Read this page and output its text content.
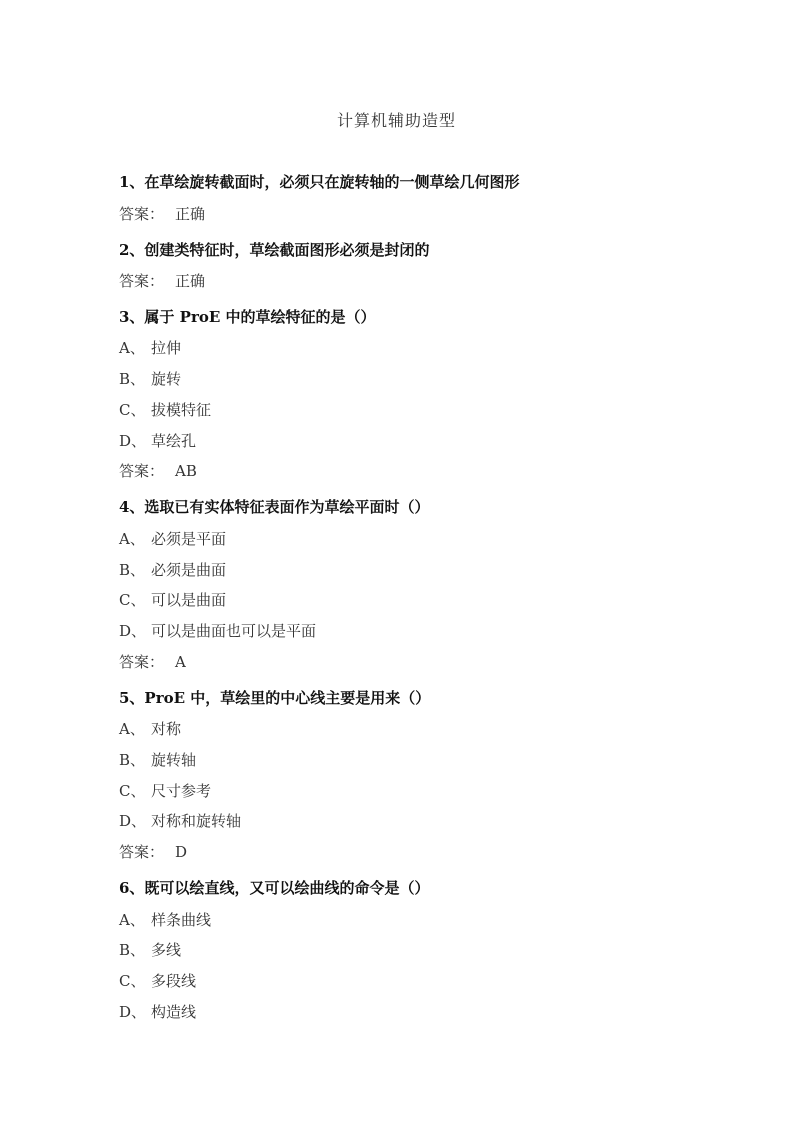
计算机辅助造型
1、在草绘旋转截面时，必须只在旋转轴的一侧草绘几何图形
答案： 正确
2、创建类特征时，草绘截面图形必须是封闭的
答案： 正确
3、属于 ProE 中的草绘特征的是（）
A、 拉伸
B、 旋转
C、 拔模特征
D、 草绘孔
答案： AB
4、选取已有实体特征表面作为草绘平面时（）
A、 必须是平面
B、 必须是曲面
C、 可以是曲面
D、 可以是曲面也可以是平面
答案： A
5、ProE 中，草绘里的中心线主要是用来（）
A、 对称
B、 旋转轴
C、 尺寸参考
D、 对称和旋转轴
答案： D
6、既可以绘直线，又可以绘曲线的命令是（）
A、 样条曲线
B、 多线
C、 多段线
D、 构造线
